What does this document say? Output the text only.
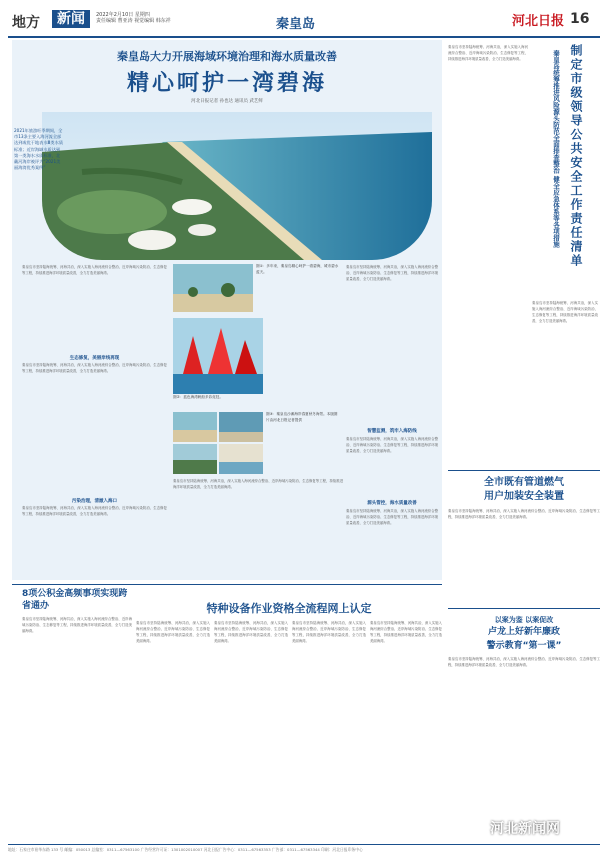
地方	新闻	2022年2月10日 星期四
责任编辑 曹亚涛 视觉编辑 韩东祥	秦皇岛	河北日报 16
秦皇岛大力开展海域环境治理和海水质量改善
精心呵护一湾碧海
河北日报记者 孙也达 通讯员 武艺鲜
2021年旅游旺季期间，全市13条主要入海河流全部达到或优于地表水Ⅲ类水质标准；近岸海域水质达到第一类海水水质标准，北戴河海岸被评为“2021美丽海湾优秀案例”
秦皇岛市坚持陆海统筹、河海共治，深入实施入海河流综合整治、近岸海域污染防治、生态修复等工程，持续推进海洋环境质量改善，全力打造美丽海湾。
生态修复，美丽岸线再现
秦皇岛市坚持陆海统筹、河海共治，深入实施入海河流综合整治、近岸海域污染防治、生态修复等工程，持续推进海洋环境质量改善，全力打造美丽海湾。
污染治理，清澈入海口
秦皇岛市坚持陆海统筹、河海共治，深入实施入海河流综合整治、近岸海域污染防治、生态修复等工程，持续推进海洋环境质量改善，全力打造美丽海湾。
图①：多年来，秦皇岛精心呵护一湾碧海，城市碧水蓝天。
图②：蓝色海湾帆船多彩竞技。
图③：秦皇岛沙滩海岸春夏秋冬海景。本版图片由河北日报记者提供
秦皇岛市坚持陆海统筹、河海共治，深入实施入海河流综合整治、近岸海域污染防治、生态修复等工程，持续推进海洋环境质量改善，全力打造美丽海湾。
秦皇岛市坚持陆海统筹、河海共治，深入实施入海河流综合整治、近岸海域污染防治、生态修复等工程，持续推进海洋环境质量改善，全力打造美丽海湾。
智慧监测，筑牢入海防线
秦皇岛市坚持陆海统筹、河海共治，深入实施入海河流综合整治、近岸海域污染防治、生态修复等工程，持续推进海洋环境质量改善，全力打造美丽海湾。
源头管控，海水质量改善
秦皇岛市坚持陆海统筹、河海共治，深入实施入海河流综合整治、近岸海域污染防治、生态修复等工程，持续推进海洋环境质量改善，全力打造美丽海湾。
秦皇岛市坚持陆海统筹、河海共治，深入实施入海河流综合整治、近岸海域污染防治、生态修复等工程，持续推进海洋环境质量改善，全力打造美丽海湾。	制定市级领导公共安全工作责任清单
秦皇岛统筹推进风险源头防范全面排查整治 健全应急体系等各项措施
秦皇岛市坚持陆海统筹、河海共治，深入实施入海河流综合整治、近岸海域污染防治、生态修复等工程，持续推进海洋环境质量改善，全力打造美丽海湾。
全市既有管道燃气
用户加装安全装置
秦皇岛市坚持陆海统筹、河海共治，深入实施入海河流综合整治、近岸海域污染防治、生态修复等工程，持续推进海洋环境质量改善，全力打造美丽海湾。
以案为鉴 以案促改
卢龙上好新年廉政
警示教育“第一课”
秦皇岛市坚持陆海统筹、河海共治，深入实施入海河流综合整治、近岸海域污染防治、生态修复等工程，持续推进海洋环境质量改善，全力打造美丽海湾。
8项公积金高频事项实现跨省通办
秦皇岛市坚持陆海统筹、河海共治，深入实施入海河流综合整治、近岸海域污染防治、生态修复等工程，持续推进海洋环境质量改善，全力打造美丽海湾。
特种设备作业资格全流程网上认定
秦皇岛市坚持陆海统筹、河海共治，深入实施入海河流综合整治、近岸海域污染防治、生态修复等工程，持续推进海洋环境质量改善，全力打造美丽海湾。
秦皇岛市坚持陆海统筹、河海共治，深入实施入海河流综合整治、近岸海域污染防治、生态修复等工程，持续推进海洋环境质量改善，全力打造美丽海湾。
秦皇岛市坚持陆海统筹、河海共治，深入实施入海河流综合整治、近岸海域污染防治、生态修复等工程，持续推进海洋环境质量改善，全力打造美丽海湾。
秦皇岛市坚持陆海统筹、河海共治，深入实施入海河流综合整治、近岸海域污染防治、生态修复等工程，持续推进海洋环境质量改善，全力打造美丽海湾。
河北新闻网
地址：石家庄市裕华东路 133 号 邮编：050013 总编室：0311—67563100 广告经营许可证：1301002010007 河北日报广告中心：0311—67563353 广告部：0311—67563344 印刷：河北日报印务中心
